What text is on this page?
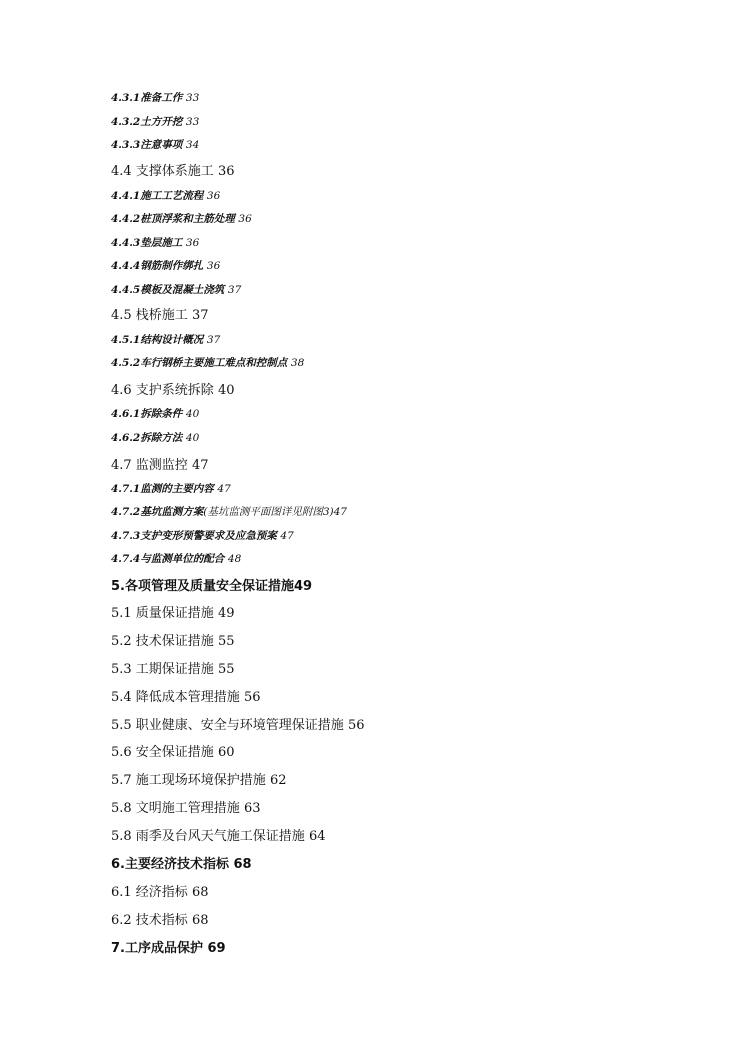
4.3.1准备工作 33
4.3.2土方开挖 33
4.3.3注意事项 34
4.4 支撑体系施工 36
4.4.1施工工艺流程 36
4.4.2桩顶浮浆和主筋处理 36
4.4.3垫层施工 36
4.4.4钢筋制作绑扎 36
4.4.5模板及混凝土浇筑 37
4.5 栈桥施工 37
4.5.1结构设计概况 37
4.5.2车行钢桥主要施工难点和控制点 38
4.6 支护系统拆除 40
4.6.1拆除条件 40
4.6.2拆除方法 40
4.7 监测监控 47
4.7.1监测的主要内容 47
4.7.2基坑监测方案(基坑监测平面图详见附图3)47
4.7.3支护变形预警要求及应急预案 47
4.7.4与监测单位的配合 48
5.各项管理及质量安全保证措施49
5.1 质量保证措施 49
5.2 技术保证措施 55
5.3 工期保证措施 55
5.4 降低成本管理措施 56
5.5 职业健康、安全与环境管理保证措施 56
5.6 安全保证措施 60
5.7 施工现场环境保护措施 62
5.8 文明施工管理措施 63
5.8 雨季及台风天气施工保证措施 64
6.主要经济技术指标 68
6.1 经济指标 68
6.2 技术指标 68
7.工序成品保护 69
